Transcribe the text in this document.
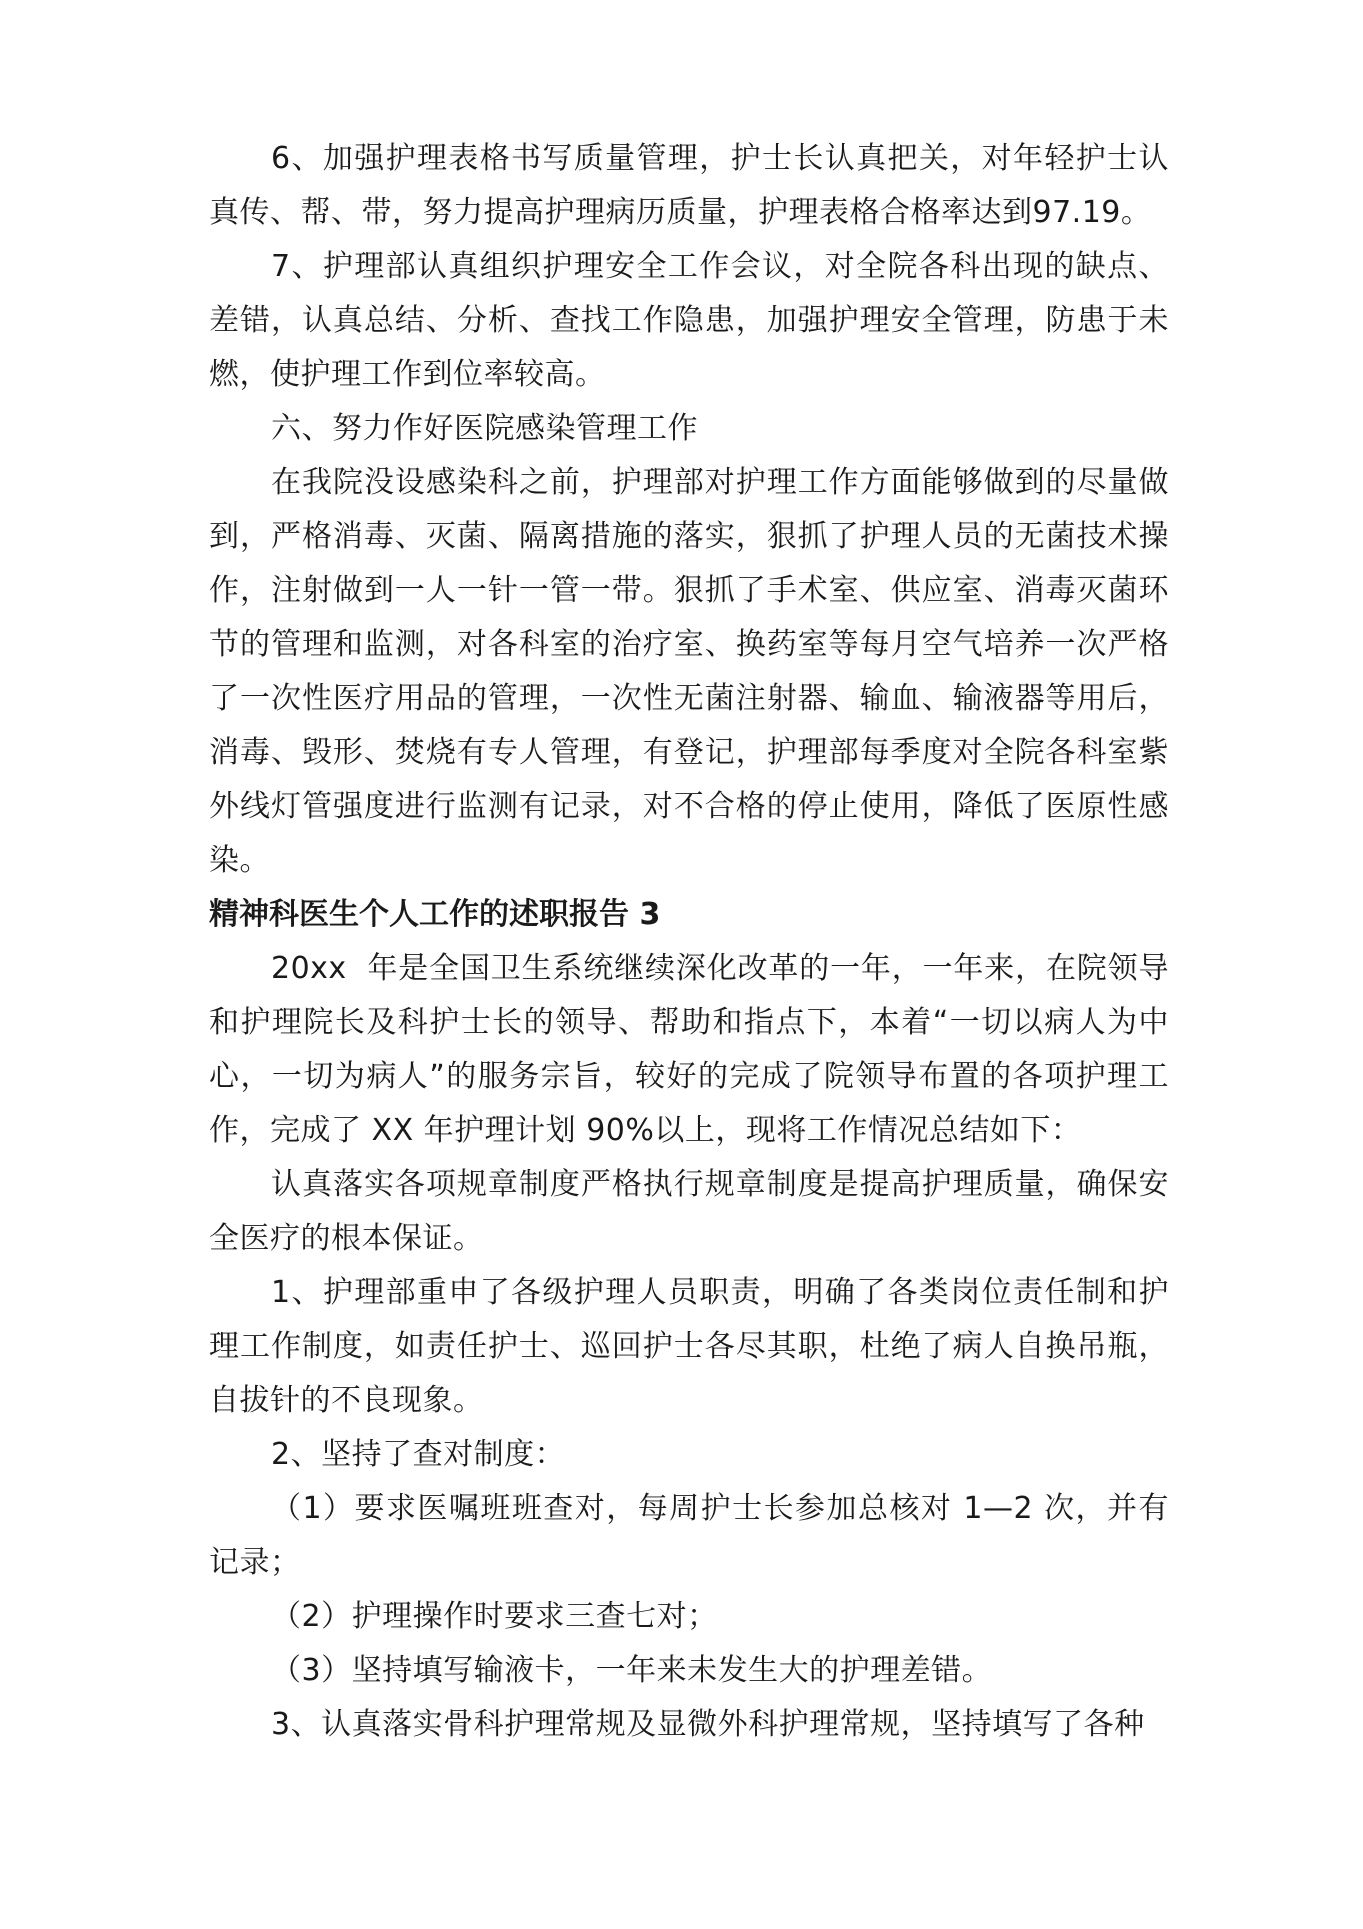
6、加强护理表格书写质量管理，护士长认真把关，对年轻护士认真传、帮、带，努力提高护理病历质量，护理表格合格率达到97.19。

7、护理部认真组织护理安全工作会议，对全院各科出现的缺点、差错，认真总结、分析、查找工作隐患，加强护理安全管理，防患于未燃，使护理工作到位率较高。

六、努力作好医院感染管理工作

在我院没设感染科之前，护理部对护理工作方面能够做到的尽量做到，严格消毒、灭菌、隔离措施的落实，狠抓了护理人员的无菌技术操作，注射做到一人一针一管一带。狠抓了手术室、供应室、消毒灭菌环节的管理和监测，对各科室的治疗室、换药室等每月空气培养一次严格了一次性医疗用品的管理，一次性无菌注射器、输血、输液器等用后，消毒、毁形、焚烧有专人管理，有登记，护理部每季度对全院各科室紫外线灯管强度进行监测有记录，对不合格的停止使用，降低了医原性感染。

精神科医生个人工作的述职报告 3

20xx  年是全国卫生系统继续深化改革的一年，一年来，在院领导和护理院长及科护士长的领导、帮助和指点下，本着“一切以病人为中心，一切为病人”的服务宗旨，较好的完成了院领导布置的各项护理工作，完成了 XX 年护理计划 90%以上，现将工作情况总结如下：

认真落实各项规章制度严格执行规章制度是提高护理质量，确保安全医疗的根本保证。

1、护理部重申了各级护理人员职责，明确了各类岗位责任制和护理工作制度，如责任护士、巡回护士各尽其职，杜绝了病人自换吊瓶，自拔针的不良现象。

2、坚持了查对制度：

（1）要求医嘱班班查对，每周护士长参加总核对 1—2 次，并有记录；

（2）护理操作时要求三查七对；

（3）坚持填写输液卡，一年来未发生大的护理差错。

3、认真落实骨科护理常规及显微外科护理常规，坚持填写了各种
